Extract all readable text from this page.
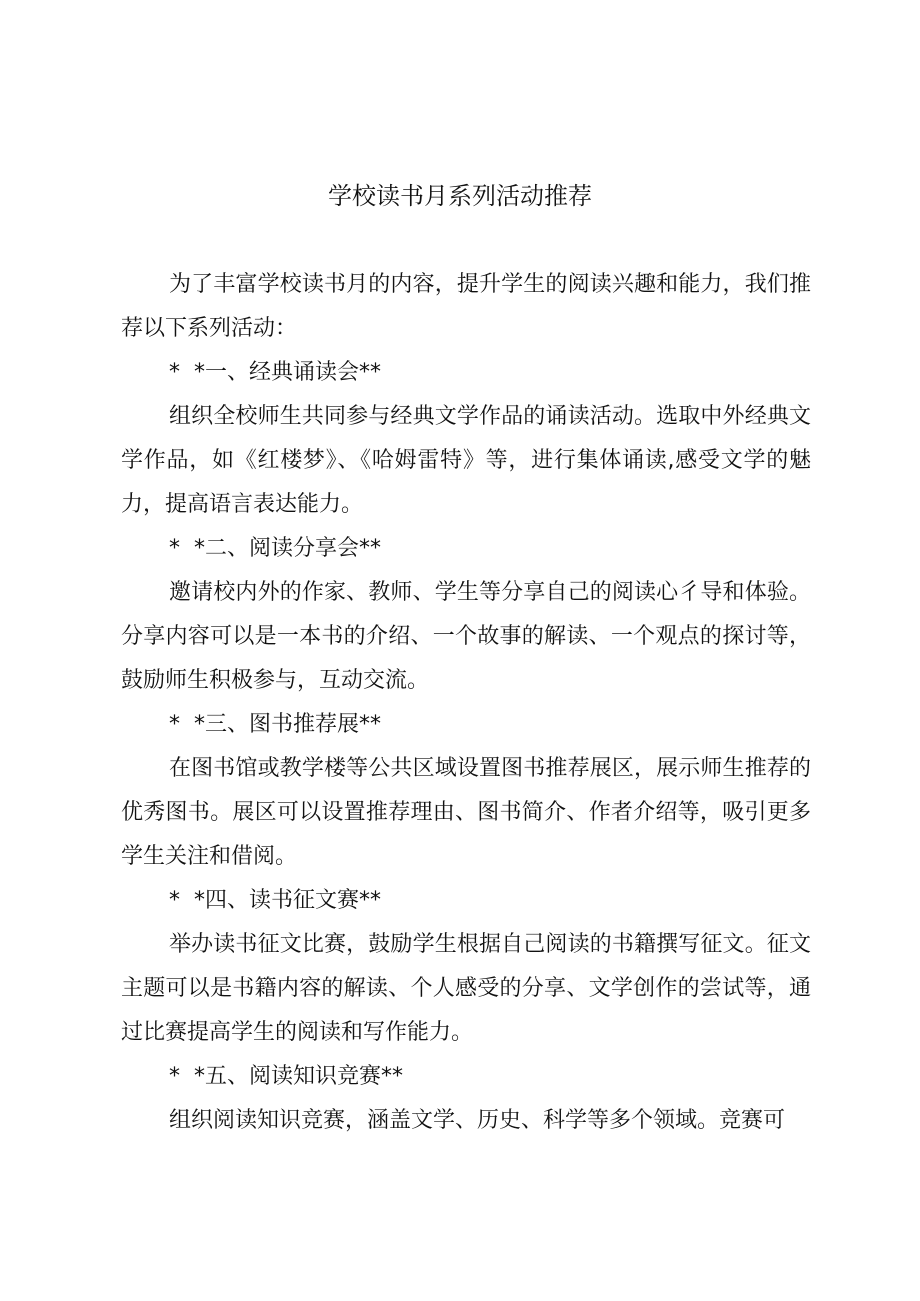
学校读书月系列活动推荐

为了丰富学校读书月的内容，提升学生的阅读兴趣和能力，我们推荐以下系列活动：

*  *一、经典诵读会**

组织全校师生共同参与经典文学作品的诵读活动。选取中外经典文学作品，如《红楼梦》、《哈姆雷特》等，进行集体诵读,感受文学的魅力，提高语言表达能力。

*  *二、阅读分享会**

邀请校内外的作家、教师、学生等分享自己的阅读心彳导和体验。分享内容可以是一本书的介绍、一个故事的解读、一个观点的探讨等，鼓励师生积极参与，互动交流。

*  *三、图书推荐展**

在图书馆或教学楼等公共区域设置图书推荐展区，展示师生推荐的优秀图书。展区可以设置推荐理由、图书简介、作者介绍等，吸引更多学生关注和借阅。

*  *四、读书征文赛**

举办读书征文比赛，鼓励学生根据自己阅读的书籍撰写征文。征文主题可以是书籍内容的解读、个人感受的分享、文学创作的尝试等，通过比赛提高学生的阅读和写作能力。

*  *五、阅读知识竞赛**

组织阅读知识竞赛，涵盖文学、历史、科学等多个领域。竞赛可
